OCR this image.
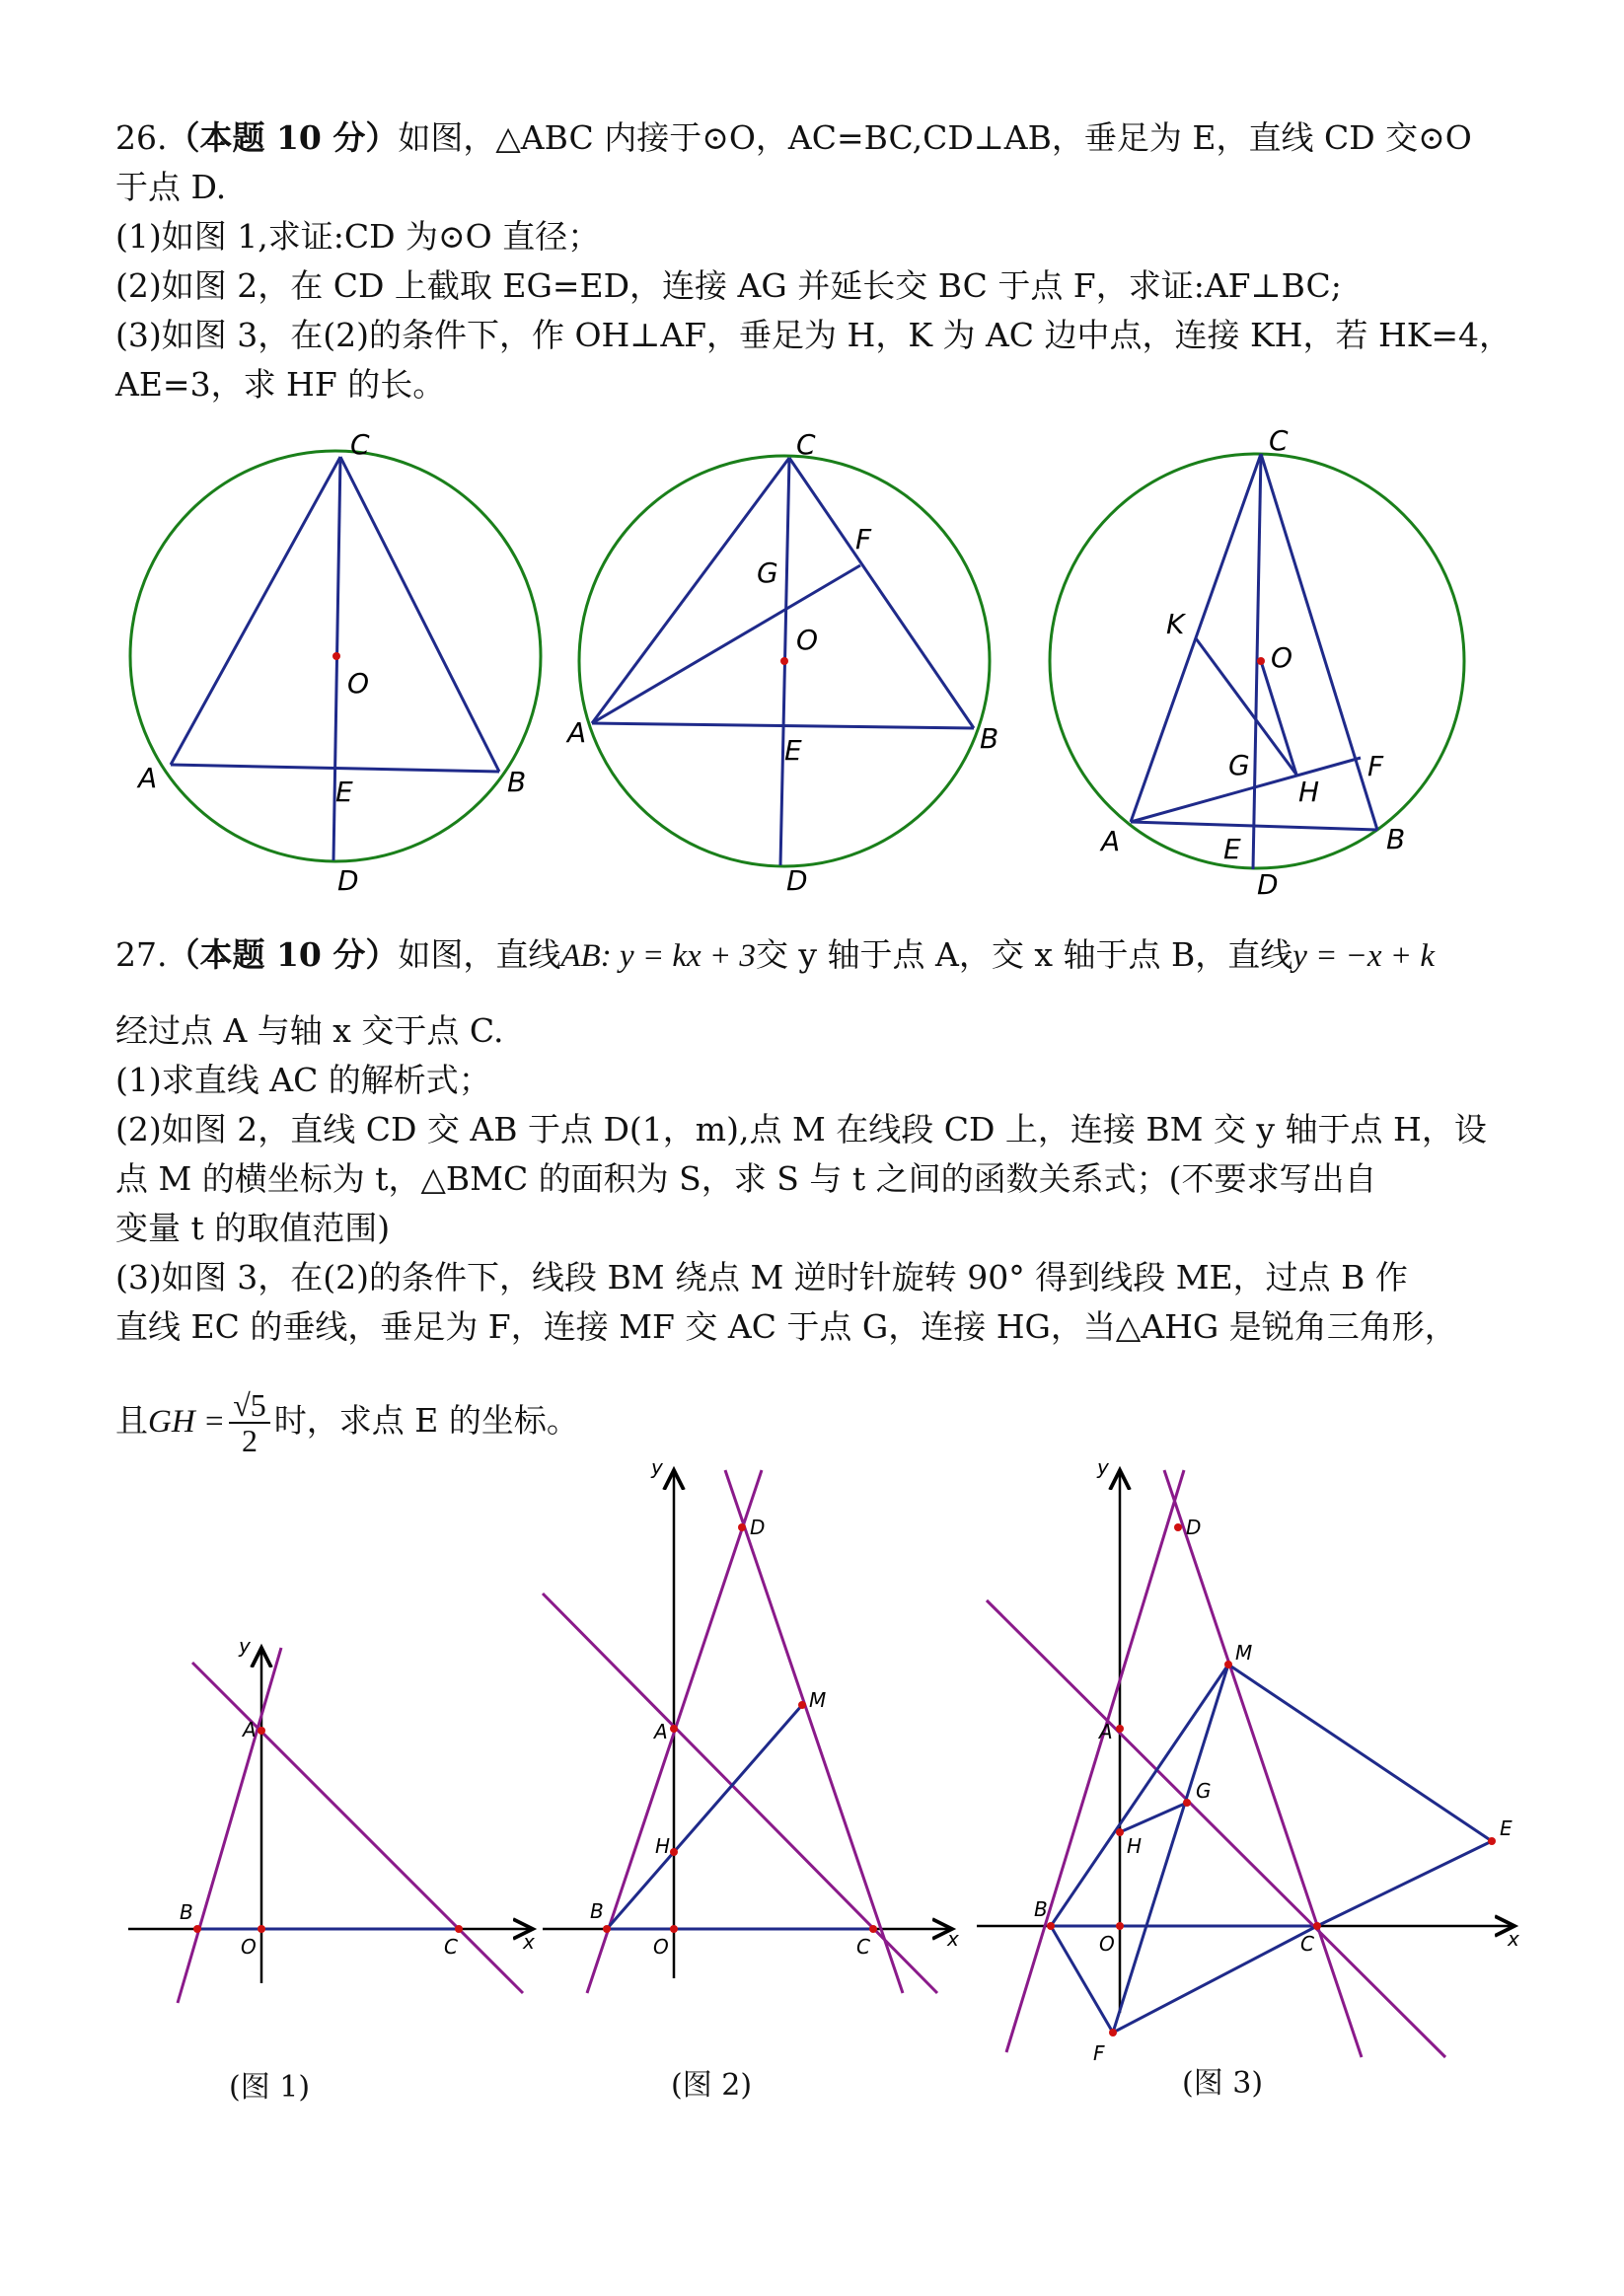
26.（本题 10 分）如图，△ABC 内接于⊙O，AC=BC,CD⊥AB，垂足为 E，直线 CD 交⊙O
于点 D.
(1)如图 1,求证:CD 为⊙O 直径；
(2)如图 2，在 CD 上截取 EG=ED，连接 AG 并延长交 BC 于点 F，求证:AF⊥BC;
(3)如图 3，在(2)的条件下，作 OH⊥AF，垂足为 H，K 为 AC 边中点，连接 KH，若 HK=4，
AE=3，求 HF 的长。
C
O
A	E	B
D
C
F
G
O
A
E	B
D
C
K
O
G
H
F
A	E	B
D
27.（本题 10 分）如图，直线AB: y = kx + 3交 y 轴于点 A，交 x 轴于点 B，直线y = −x + k
经过点 A 与轴 x 交于点 C.
(1)求直线 AC 的解析式；
(2)如图 2，直线 CD 交 AB 于点 D(1，m),点 M 在线段 CD 上，连接 BM 交 y 轴于点 H，设
点 M 的横坐标为 t，△BMC 的面积为 S，求 S 与 t 之间的函数关系式；(不要求写出自
变量 t 的取值范围)
(3)如图 3，在(2)的条件下，线段 BM 绕点 M 逆时针旋转 90° 得到线段 ME，过点 B 作
直线 EC 的垂线，垂足为 F，连接 MF 交 AC 于点 G，连接 HG，当△AHG 是锐角三角形，
且GH = $\frac{√5}{2}$ 时，求点 E 的坐标。
y
A
B
O	C	x
y
D
M
A
H
B
O	C	x
y
D
M
A
G
H
E
B
O	C
F
x
(图 1)	(图 2)	(图 3)
